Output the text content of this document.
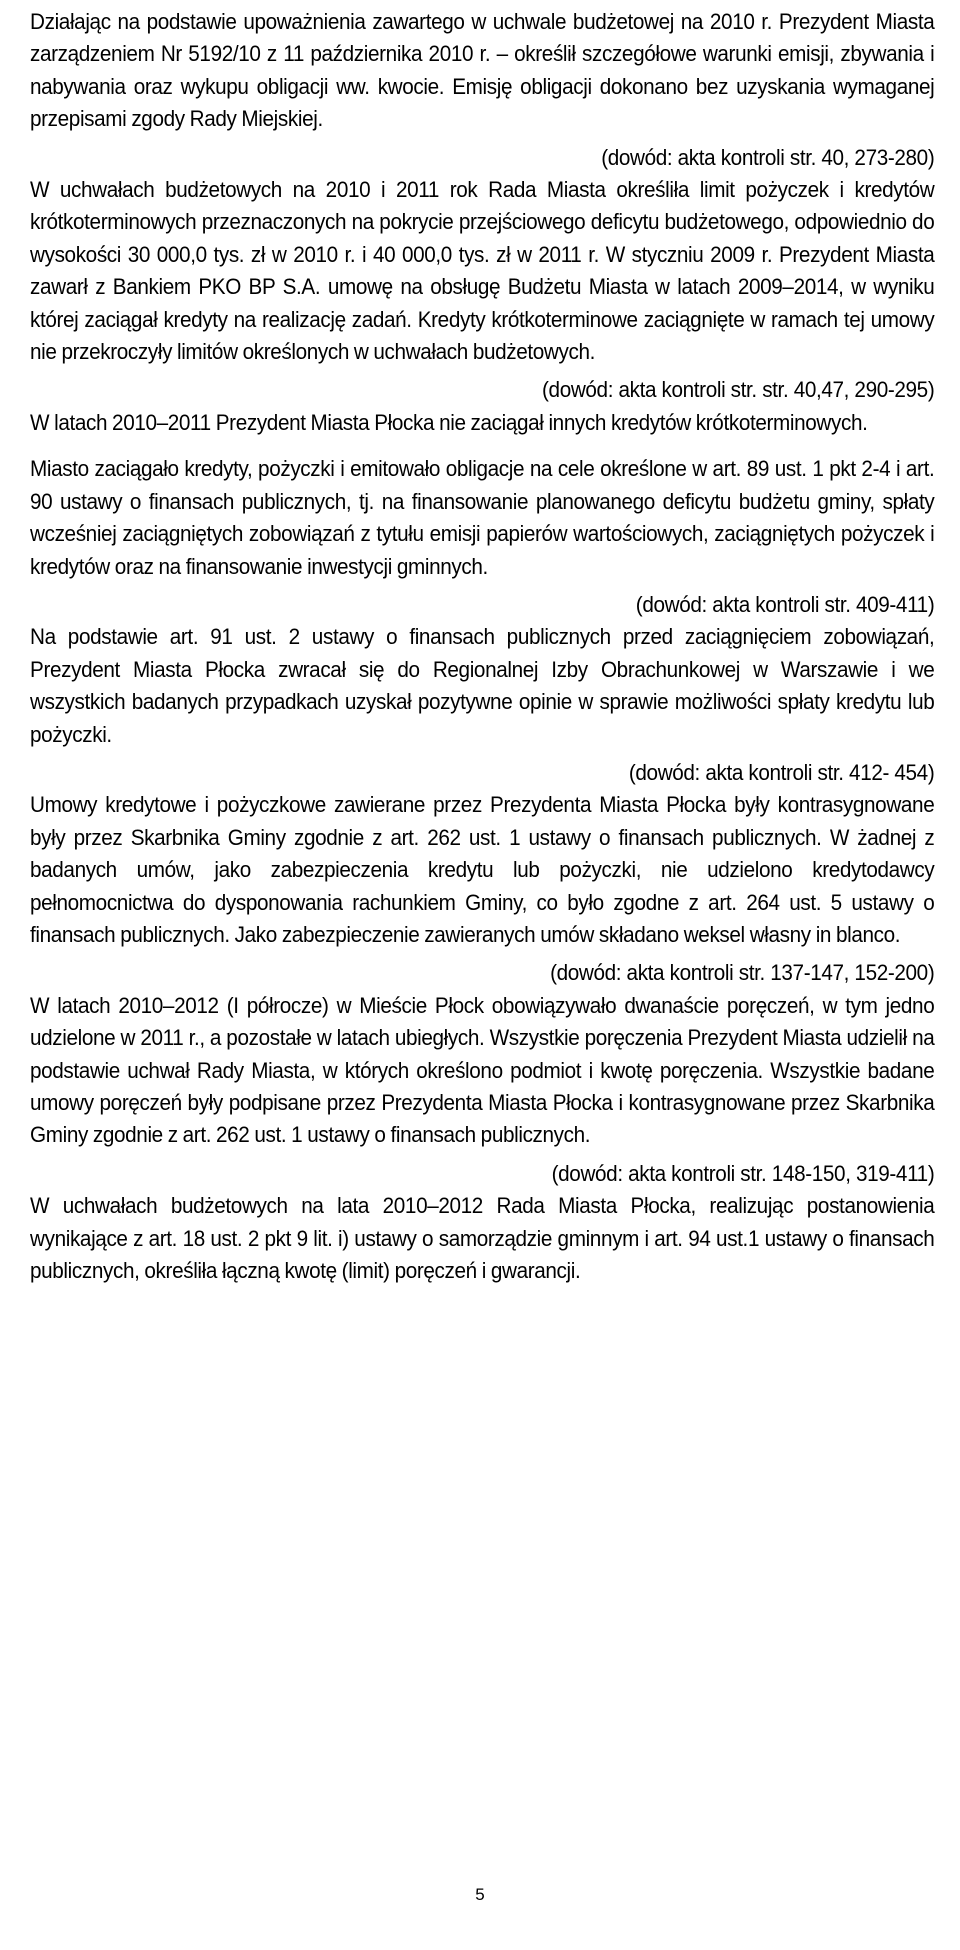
Działając na podstawie upoważnienia zawartego w uchwale budżetowej na 2010 r. Prezydent Miasta zarządzeniem Nr 5192/10 z 11 października 2010 r. – określił szczegółowe warunki emisji, zbywania i nabywania oraz wykupu obligacji ww. kwocie. Emisję obligacji dokonano bez uzyskania wymaganej przepisami zgody Rady Miejskiej.

(dowód: akta kontroli str. 40, 273-280)

W uchwałach budżetowych na 2010 i 2011 rok Rada Miasta określiła limit pożyczek i kredytów krótkoterminowych przeznaczonych na pokrycie przejściowego deficytu budżetowego, odpowiednio do wysokości 30 000,0 tys. zł w 2010 r. i 40 000,0 tys. zł w 2011 r. W styczniu 2009 r. Prezydent Miasta zawarł z Bankiem PKO BP S.A. umowę na obsługę Budżetu Miasta w latach 2009–2014, w wyniku której zaciągał kredyty na realizację zadań. Kredyty krótkoterminowe zaciągnięte w ramach tej umowy nie przekroczyły limitów określonych w uchwałach budżetowych.

(dowód: akta kontroli str. str. 40,47, 290-295)

W latach 2010–2011 Prezydent Miasta Płocka nie zaciągał innych kredytów krótkoterminowych.

Miasto zaciągało kredyty, pożyczki i emitowało obligacje na cele określone w art. 89 ust. 1 pkt 2-4 i art. 90 ustawy o finansach publicznych, tj. na finansowanie planowanego deficytu budżetu gminy, spłaty wcześniej zaciągniętych zobowiązań z tytułu emisji papierów wartościowych, zaciągniętych pożyczek i kredytów oraz na finansowanie inwestycji gminnych.

(dowód: akta kontroli str. 409-411)

Na podstawie art. 91 ust. 2 ustawy o finansach publicznych przed zaciągnięciem zobowiązań, Prezydent Miasta Płocka zwracał się do Regionalnej Izby Obrachunkowej w Warszawie i we wszystkich badanych przypadkach uzyskał pozytywne opinie w sprawie możliwości spłaty kredytu lub pożyczki.

(dowód: akta kontroli str. 412- 454)

Umowy kredytowe i pożyczkowe zawierane przez Prezydenta Miasta Płocka były kontrasygnowane były przez Skarbnika Gminy zgodnie z art. 262 ust. 1 ustawy o finansach publicznych. W żadnej z badanych umów, jako zabezpieczenia kredytu lub pożyczki, nie udzielono kredytodawcy pełnomocnictwa do dysponowania rachunkiem Gminy, co było zgodne z art. 264 ust. 5 ustawy o finansach publicznych. Jako zabezpieczenie zawieranych umów składano weksel własny in blanco.

(dowód: akta kontroli str. 137-147, 152-200)

W latach 2010–2012 (I półrocze) w Mieście Płock obowiązywało dwanaście poręczeń, w tym jedno udzielone w 2011 r., a pozostałe w latach ubiegłych. Wszystkie poręczenia Prezydent Miasta udzielił na podstawie uchwał Rady Miasta, w których określono podmiot i kwotę poręczenia. Wszystkie badane umowy poręczeń były podpisane przez Prezydenta Miasta Płocka i kontrasygnowane przez Skarbnika Gminy zgodnie z art. 262 ust. 1 ustawy o finansach publicznych.

(dowód: akta kontroli str. 148-150, 319-411)

W uchwałach budżetowych na lata 2010–2012 Rada Miasta Płocka, realizując postanowienia wynikające z art. 18 ust. 2 pkt 9 lit. i) ustawy o samorządzie gminnym i art. 94 ust.1 ustawy o finansach publicznych, określiła łączną kwotę (limit) poręczeń i gwarancji.

5
